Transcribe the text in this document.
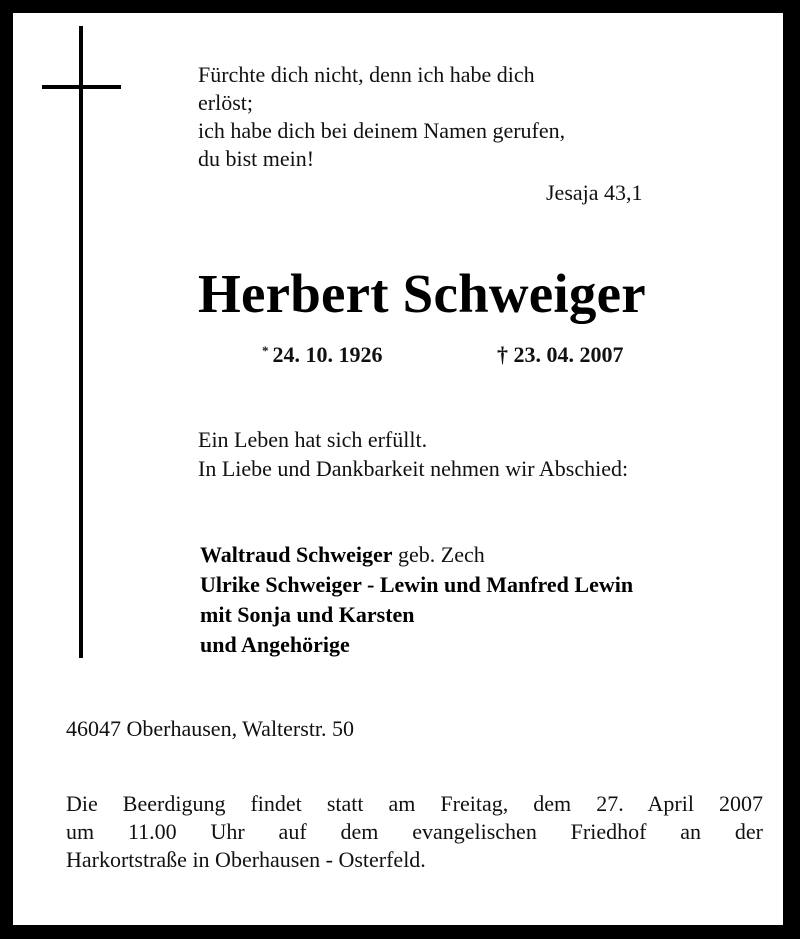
Fürchte dich nicht, denn ich habe dich
erlöst;
ich habe dich bei deinem Namen gerufen,
du bist mein!
Jesaja 43,1
Herbert Schweiger
* 24. 10. 1926	† 23. 04. 2007
Ein Leben hat sich erfüllt.
In Liebe und Dankbarkeit nehmen wir Abschied:
Waltraud Schweiger geb. Zech
Ulrike Schweiger - Lewin und Manfred Lewin
mit Sonja und Karsten
und Angehörige
46047 Oberhausen, Walterstr. 50
Die Beerdigung findet statt am Freitag, dem 27. April 2007
um 11.00 Uhr auf dem evangelischen Friedhof an der
Harkortstraße in Oberhausen - Osterfeld.
